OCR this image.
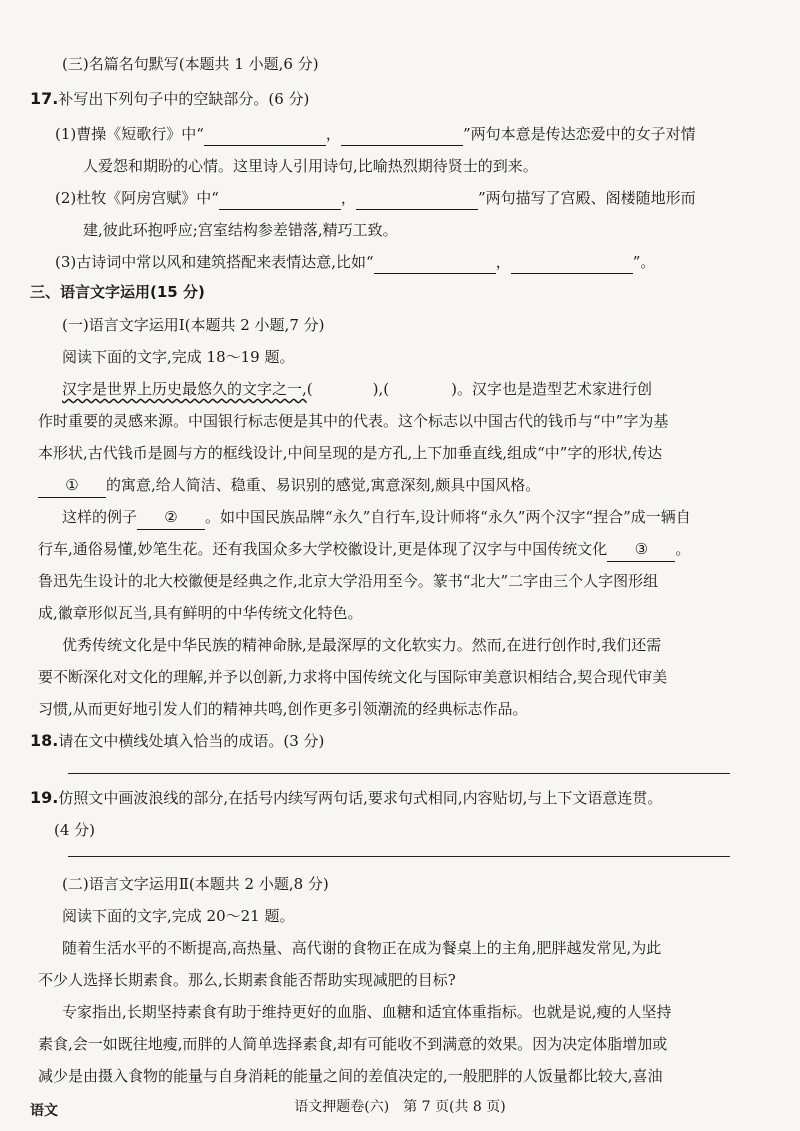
(三)名篇名句默写(本题共 1 小题,6 分)
17.补写出下列句子中的空缺部分。(6 分)
(1)曹操《短歌行》中“	，	”两句本意是传达恋爱中的女子对情
人爱怨和期盼的心情。这里诗人引用诗句,比喻热烈期待贤士的到来。
(2)杜牧《阿房宫赋》中“	，	”两句描写了宫殿、阁楼随地形而
建,彼此环抱呼应;宫室结构参差错落,精巧工致。
(3)古诗词中常以风和建筑搭配来表情达意,比如“	，	”。
三、语言文字运用(15 分)
(一)语言文字运用Ⅰ(本题共 2 小题,7 分)
阅读下面的文字,完成 18～19 题。
汉字是世界上历史最悠久的文字之一,(	),(	)。汉字也是造型艺术家进行创
作时重要的灵感来源。中国银行标志便是其中的代表。这个标志以中国古代的钱币与“中”字为基
本形状,古代钱币是圆与方的框线设计,中间呈现的是方孔,上下加垂直线,组成“中”字的形状,传达
① 的寓意,给人简洁、稳重、易识别的感觉,寓意深刻,颇具中国风格。
这样的例子 ② 。如中国民族品牌“永久”自行车,设计师将“永久”两个汉字“捏合”成一辆自
行车,通俗易懂,妙笔生花。还有我国众多大学校徽设计,更是体现了汉字与中国传统文化 ③ 。
鲁迅先生设计的北大校徽便是经典之作,北京大学沿用至今。篆书“北大”二字由三个人字图形组
成,徽章形似瓦当,具有鲜明的中华传统文化特色。
优秀传统文化是中华民族的精神命脉,是最深厚的文化软实力。然而,在进行创作时,我们还需
要不断深化对文化的理解,并予以创新,力求将中国传统文化与国际审美意识相结合,契合现代审美
习惯,从而更好地引发人们的精神共鸣,创作更多引领潮流的经典标志作品。
18.请在文中横线处填入恰当的成语。(3 分)
19.仿照文中画波浪线的部分,在括号内续写两句话,要求句式相同,内容贴切,与上下文语意连贯。
(4 分)
(二)语言文字运用Ⅱ(本题共 2 小题,8 分)
阅读下面的文字,完成 20～21 题。
随着生活水平的不断提高,高热量、高代谢的食物正在成为餐桌上的主角,肥胖越发常见,为此
不少人选择长期素食。那么,长期素食能否帮助实现减肥的目标?
专家指出,长期坚持素食有助于维持更好的血脂、血糖和适宜体重指标。也就是说,瘦的人坚持
素食,会一如既往地瘦,而胖的人简单选择素食,却有可能收不到满意的效果。因为决定体脂增加或
减少是由摄入食物的能量与自身消耗的能量之间的差值决定的,一般肥胖的人饭量都比较大,喜油
语文	语文押题卷(六)　第 7 页(共 8 页)
